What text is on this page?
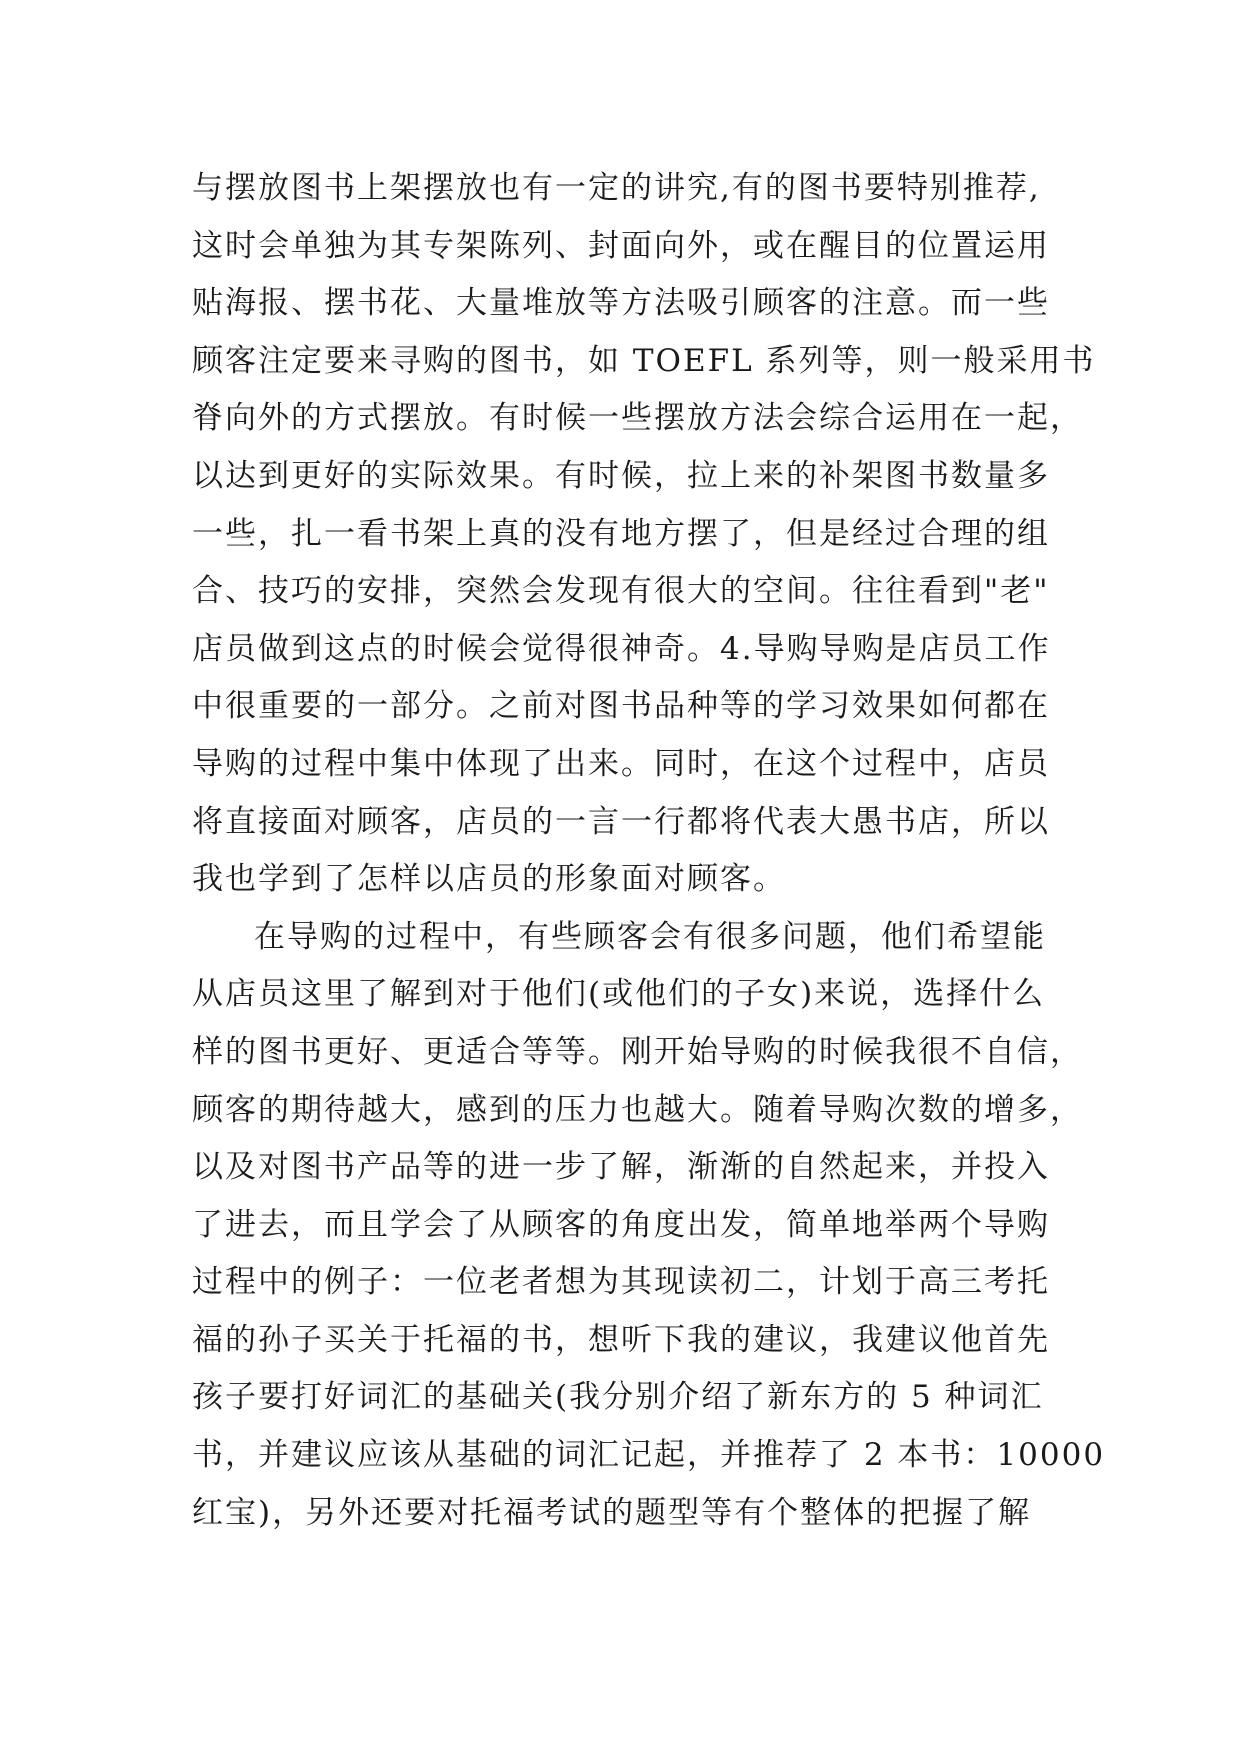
与摆放图书上架摆放也有一定的讲究,有的图书要特别推荐,
这时会单独为其专架陈列、封面向外，或在醒目的位置运用
贴海报、摆书花、大量堆放等方法吸引顾客的注意。而一些
顾客注定要来寻购的图书，如 TOEFL 系列等，则一般采用书
脊向外的方式摆放。有时候一些摆放方法会综合运用在一起，
以达到更好的实际效果。有时候，拉上来的补架图书数量多
一些，扎一看书架上真的没有地方摆了，但是经过合理的组
合、技巧的安排，突然会发现有很大的空间。往往看到"老"
店员做到这点的时候会觉得很神奇。4.导购导购是店员工作
中很重要的一部分。之前对图书品种等的学习效果如何都在
导购的过程中集中体现了出来。同时，在这个过程中，店员
将直接面对顾客，店员的一言一行都将代表大愚书店，所以
我也学到了怎样以店员的形象面对顾客。
在导购的过程中，有些顾客会有很多问题，他们希望能
从店员这里了解到对于他们(或他们的子女)来说，选择什么
样的图书更好、更适合等等。刚开始导购的时候我很不自信，
顾客的期待越大，感到的压力也越大。随着导购次数的增多，
以及对图书产品等的进一步了解，渐渐的自然起来，并投入
了进去，而且学会了从顾客的角度出发，简单地举两个导购
过程中的例子：一位老者想为其现读初二，计划于高三考托
福的孙子买关于托福的书，想听下我的建议，我建议他首先
孩子要打好词汇的基础关(我分别介绍了新东方的 5 种词汇
书，并建议应该从基础的词汇记起，并推荐了 2 本书：10000
红宝)，另外还要对托福考试的题型等有个整体的把握了解
